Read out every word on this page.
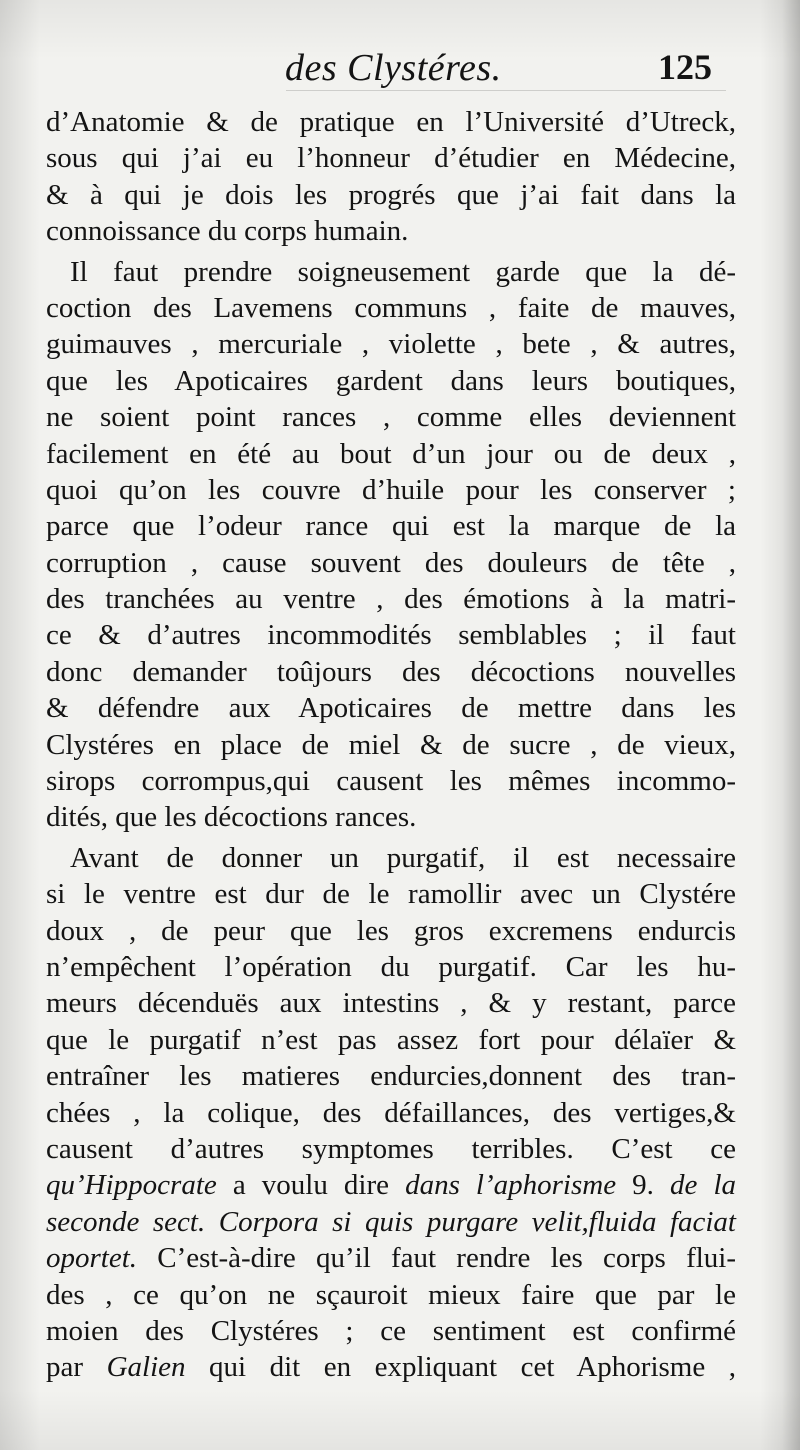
des Clystéres.	125
d’Anatomie & de pratique en l’Université d’Utreck,
sous qui j’ai eu l’honneur d’étudier en Médecine,
& à qui je dois les progrés que j’ai fait dans la
connoissance du corps humain.
Il faut prendre soigneusement garde que la dé-
coction des Lavemens communs , faite de mauves,
guimauves , mercuriale , violette , bete , & autres,
que les Apoticaires gardent dans leurs boutiques,
ne soient point rances , comme elles deviennent
facilement en été au bout d’un jour ou de deux ,
quoi qu’on les couvre d’huile pour les conserver ;
parce que l’odeur rance qui est la marque de la
corruption , cause souvent des douleurs de tête ,
des tranchées au ventre , des émotions à la matri-
ce & d’autres incommodités semblables ; il faut
donc demander toûjours des décoctions nouvelles
& défendre aux Apoticaires de mettre dans les
Clystéres en place de miel & de sucre , de vieux,
sirops corrompus,qui causent les mêmes incommo-
dités, que les décoctions rances.
Avant de donner un purgatif, il est necessaire
si le ventre est dur de le ramollir avec un Clystére
doux , de peur que les gros excremens endurcis
n’empêchent l’opération du purgatif. Car les hu-
meurs décenduës aux intestins , & y restant, parce
que le purgatif n’est pas assez fort pour délaïer &
entraîner les matieres endurcies,donnent des tran-
chées , la colique, des défaillances, des vertiges,&
causent d’autres symptomes terribles. C’est ce
qu’Hippocrate a voulu dire dans l’aphorisme 9. de la
seconde sect. Corpora si quis purgare velit,fluida faciat
oportet. C’est-à-dire qu’il faut rendre les corps flui-
des , ce qu’on ne sçauroit mieux faire que par le
moien des Clystéres ; ce sentiment est confirmé
par Galien qui dit en expliquant cet Aphorisme ,
